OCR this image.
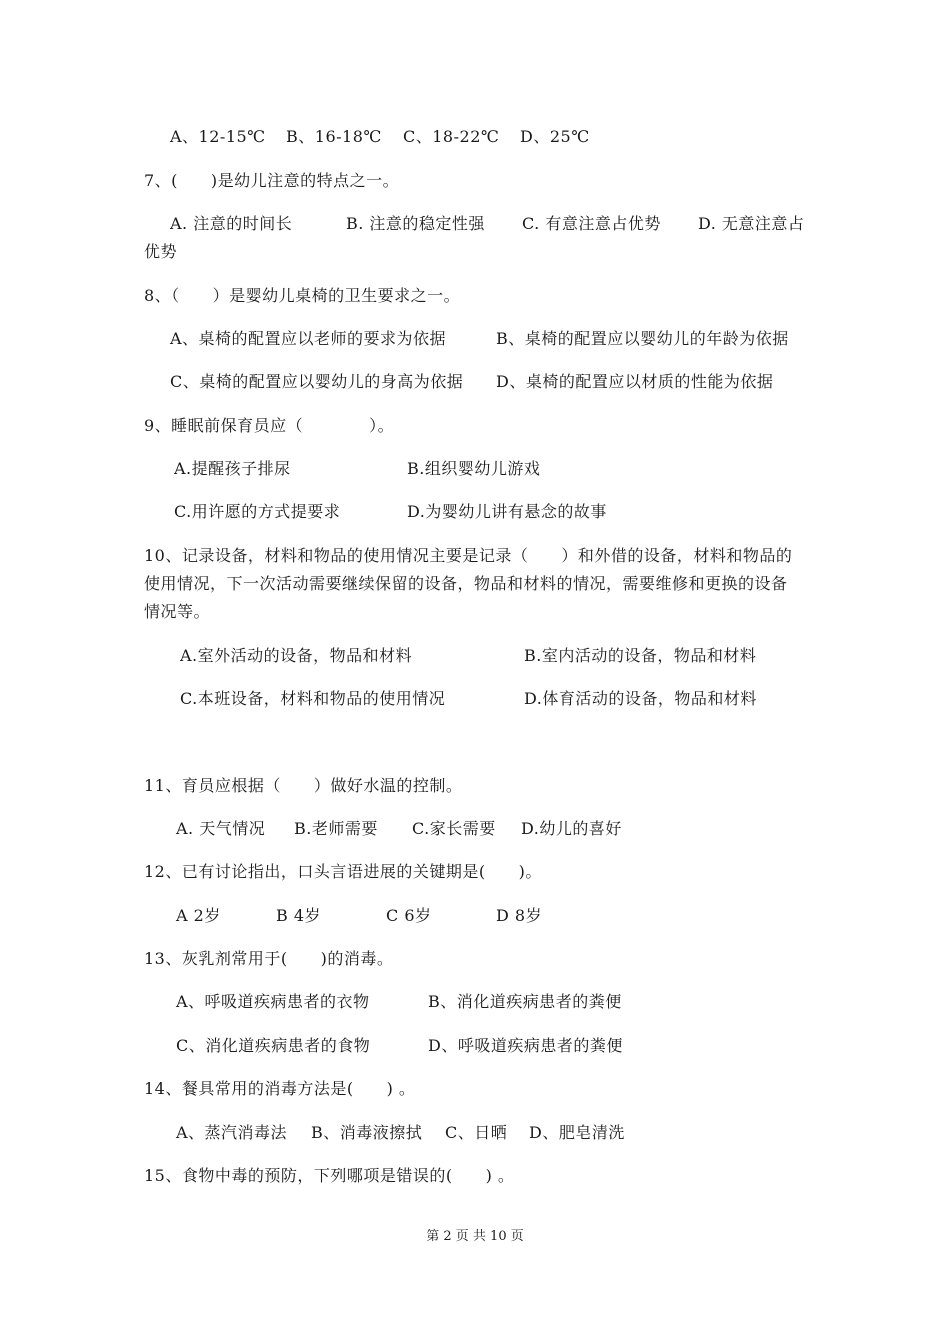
A、12-15℃ B、16-18℃ C、18-22℃ D、25℃
7、(　　)是幼儿注意的特点之一。
A. 注意的时间长	B. 注意的稳定性强 C. 有意注意占优势 D. 无意注意占
优势
8、（　　）是婴幼儿桌椅的卫生要求之一。
A、桌椅的配置应以老师的要求为依据	B、桌椅的配置应以婴幼儿的年龄为依据
C、桌椅的配置应以婴幼儿的身高为依据 D、桌椅的配置应以材质的性能为依据
9、睡眠前保育员应（　　　　）。
A.提醒孩子排尿	B.组织婴幼儿游戏
C.用许愿的方式提要求	D.为婴幼儿讲有悬念的故事
10、记录设备，材料和物品的使用情况主要是记录（　　）和外借的设备，材料和物品的
使用情况，下一次活动需要继续保留的设备，物品和材料的情况，需要维修和更换的设备
情况等。
A.室外活动的设备，物品和材料	B.室内活动的设备，物品和材料
C.本班设备，材料和物品的使用情况	D.体育活动的设备，物品和材料
11、育员应根据（　　）做好水温的控制。
A. 天气情况 B.老师需要 C.家长需要 D.幼儿的喜好
12、已有讨论指出，口头言语进展的关键期是(　　)。
A 2岁	B 4岁	C 6岁	D 8岁
13、灰乳剂常用于(　　)的消毒。
A、呼吸道疾病患者的衣物	B、消化道疾病患者的粪便
C、消化道疾病患者的食物	D、呼吸道疾病患者的粪便
14、餐具常用的消毒方法是(　　) 。
A、蒸汽消毒法 B、消毒液擦拭 C、日晒 D、肥皂清洗
15、食物中毒的预防，下列哪项是错误的(　　) 。
第 2 页 共 10 页
